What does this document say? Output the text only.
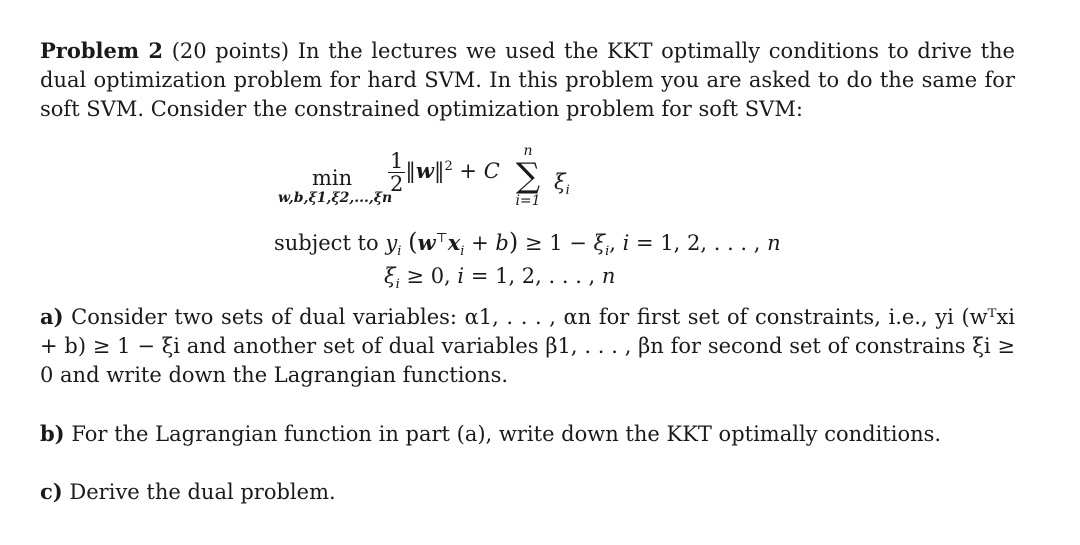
Problem 2 (20 points) In the lectures we used the KKT optimally conditions to drive the dual optimization problem for hard SVM. In this problem you are asked to do the same for soft SVM. Consider the constrained optimization problem for soft SVM:
min
w,b,ξ1,ξ2,...,ξn
$\frac{1}{2}$ ‖w‖$^2$ + C
n
∑
i=1
$\xi_i$
subject to $y_i$ $(w^⊤x_i + b) \ge 1 - \xi_i$, i = 1, 2, . . . , n
$\xi_i \ge 0$, i = 1, 2, . . . , n
a) Consider two sets of dual variables: α1, . . . , αn for first set of constraints, i.e., yi (wᵀxi + b) ≥ 1 − ξi and another set of dual variables β1, . . . , βn for second set of constrains ξi ≥ 0 and write down the Lagrangian functions.
b) For the Lagrangian function in part (a), write down the KKT optimally conditions.
c) Derive the dual problem.
